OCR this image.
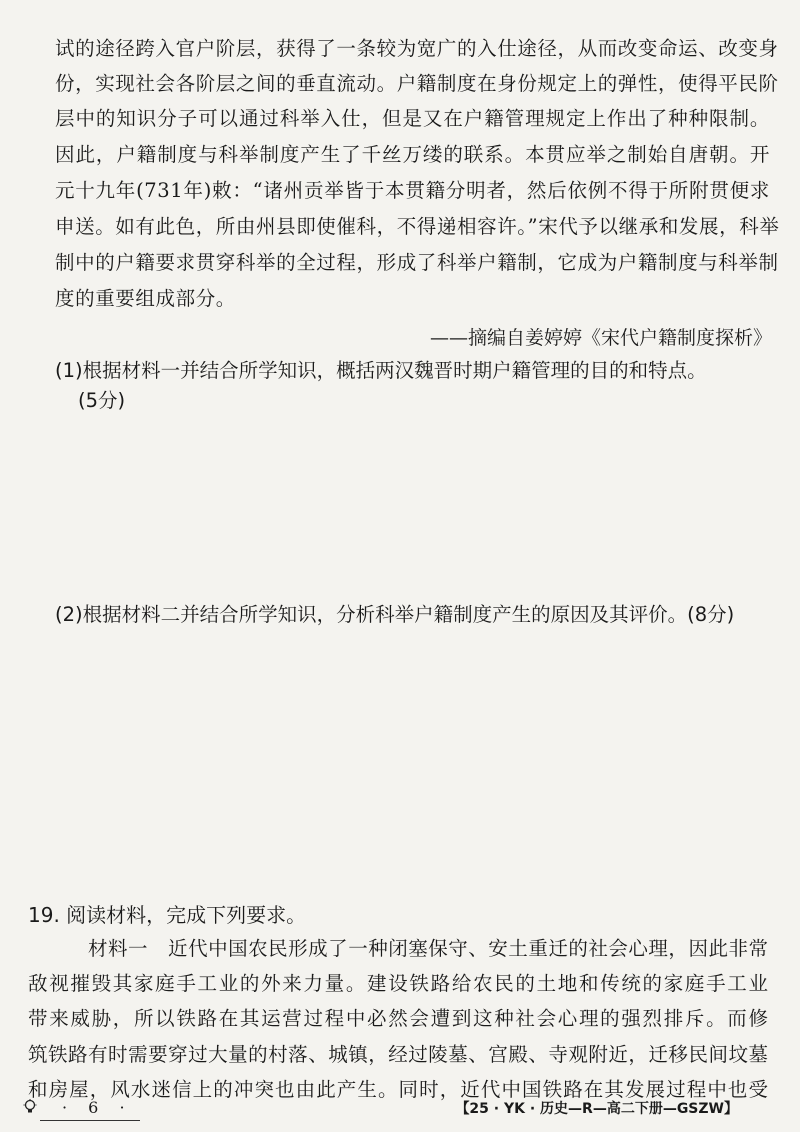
试的途径跨入官户阶层，获得了一条较为宽广的入仕途径，从而改变命运、改变身
份，实现社会各阶层之间的垂直流动。户籍制度在身份规定上的弹性，使得平民阶
层中的知识分子可以通过科举入仕，但是又在户籍管理规定上作出了种种限制。
因此，户籍制度与科举制度产生了千丝万缕的联系。本贯应举之制始自唐朝。开
元十九年(731年)敕：“诸州贡举皆于本贯籍分明者，然后依例不得于所附贯便求
申送。如有此色，所由州县即使催科，不得递相容许。”宋代予以继承和发展，科举
制中的户籍要求贯穿科举的全过程，形成了科举户籍制，它成为户籍制度与科举制
度的重要组成部分。
——摘编自姜婷婷《宋代户籍制度探析》
(1)根据材料一并结合所学知识，概括两汉魏晋时期户籍管理的目的和特点。
(5分)
(2)根据材料二并结合所学知识，分析科举户籍制度产生的原因及其评价。(8分)
19. 阅读材料，完成下列要求。
材料一　近代中国农民形成了一种闭塞保守、安土重迁的社会心理，因此非常
敌视摧毁其家庭手工业的外来力量。建设铁路给农民的土地和传统的家庭手工业
带来威胁，所以铁路在其运营过程中必然会遭到这种社会心理的强烈排斥。而修
筑铁路有时需要穿过大量的村落、城镇，经过陵墓、宫殿、寺观附近，迁移民间坟墓
和房屋，风水迷信上的冲突也由此产生。同时，近代中国铁路在其发展过程中也受
· 6 ·	【25 · YK · 历史—R—高二下册—GSZW】
